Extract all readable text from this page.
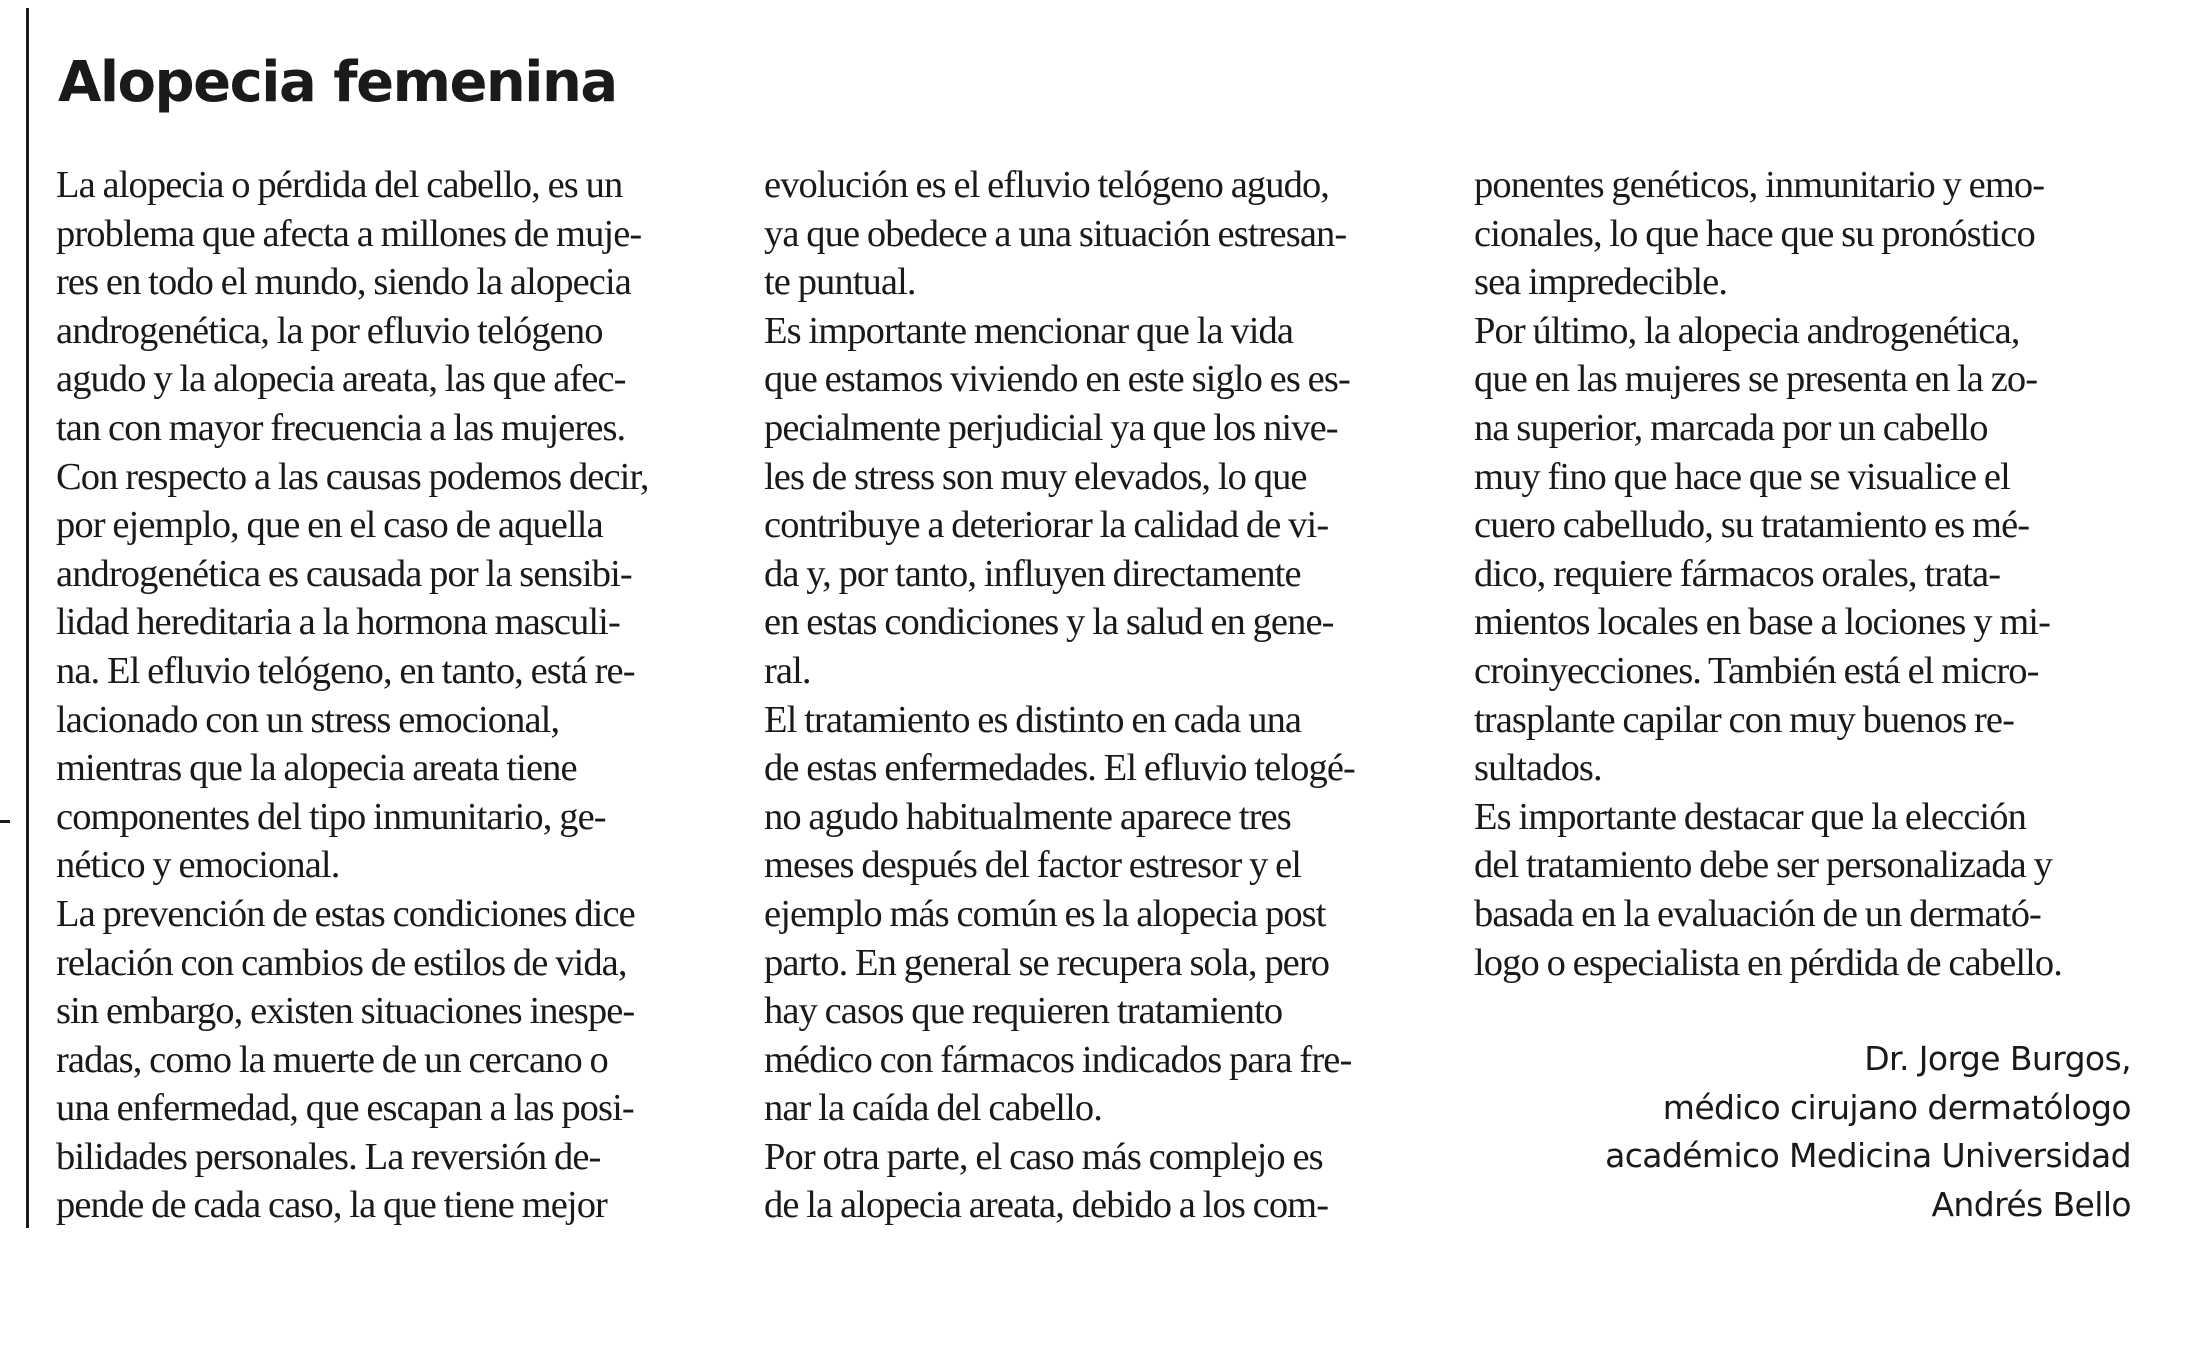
Alopecia femenina
La alopecia o pérdida del cabello, es un
problema que afecta a millones de muje-
res en todo el mundo, siendo la alopecia
androgenética, la por efluvio telógeno
agudo y la alopecia areata, las que afec-
tan con mayor frecuencia a las mujeres.
Con respecto a las causas podemos decir,
por ejemplo, que en el caso de aquella
androgenética es causada por la sensibi-
lidad hereditaria a la hormona masculi-
na. El efluvio telógeno, en tanto, está re-
lacionado con un stress emocional,
mientras que la alopecia areata tiene
componentes del tipo inmunitario, ge-
nético y emocional.
La prevención de estas condiciones dice
relación con cambios de estilos de vida,
sin embargo, existen situaciones inespe-
radas, como la muerte de un cercano o
una enfermedad, que escapan a las posi-
bilidades personales. La reversión de-
pende de cada caso, la que tiene mejor
evolución es el efluvio telógeno agudo,
ya que obedece a una situación estresan-
te puntual.
Es importante mencionar que la vida
que estamos viviendo en este siglo es es-
pecialmente perjudicial ya que los nive-
les de stress son muy elevados, lo que
contribuye a deteriorar la calidad de vi-
da y, por tanto, influyen directamente
en estas condiciones y la salud en gene-
ral.
El tratamiento es distinto en cada una
de estas enfermedades. El efluvio telogé-
no agudo habitualmente aparece tres
meses después del factor estresor y el
ejemplo más común es la alopecia post
parto. En general se recupera sola, pero
hay casos que requieren tratamiento
médico con fármacos indicados para fre-
nar la caída del cabello.
Por otra parte, el caso más complejo es
de la alopecia areata, debido a los com-
ponentes genéticos, inmunitario y emo-
cionales, lo que hace que su pronóstico
sea impredecible.
Por último, la alopecia androgenética,
que en las mujeres se presenta en la zo-
na superior, marcada por un cabello
muy fino que hace que se visualice el
cuero cabelludo, su tratamiento es mé-
dico, requiere fármacos orales, trata-
mientos locales en base a lociones y mi-
croinyecciones. También está el micro-
trasplante capilar con muy buenos re-
sultados.
Es importante destacar que la elección
del tratamiento debe ser personalizada y
basada en la evaluación de un dermató-
logo o especialista en pérdida de cabello.
Dr. Jorge Burgos,
médico cirujano dermatólogo
académico Medicina Universidad
Andrés Bello
